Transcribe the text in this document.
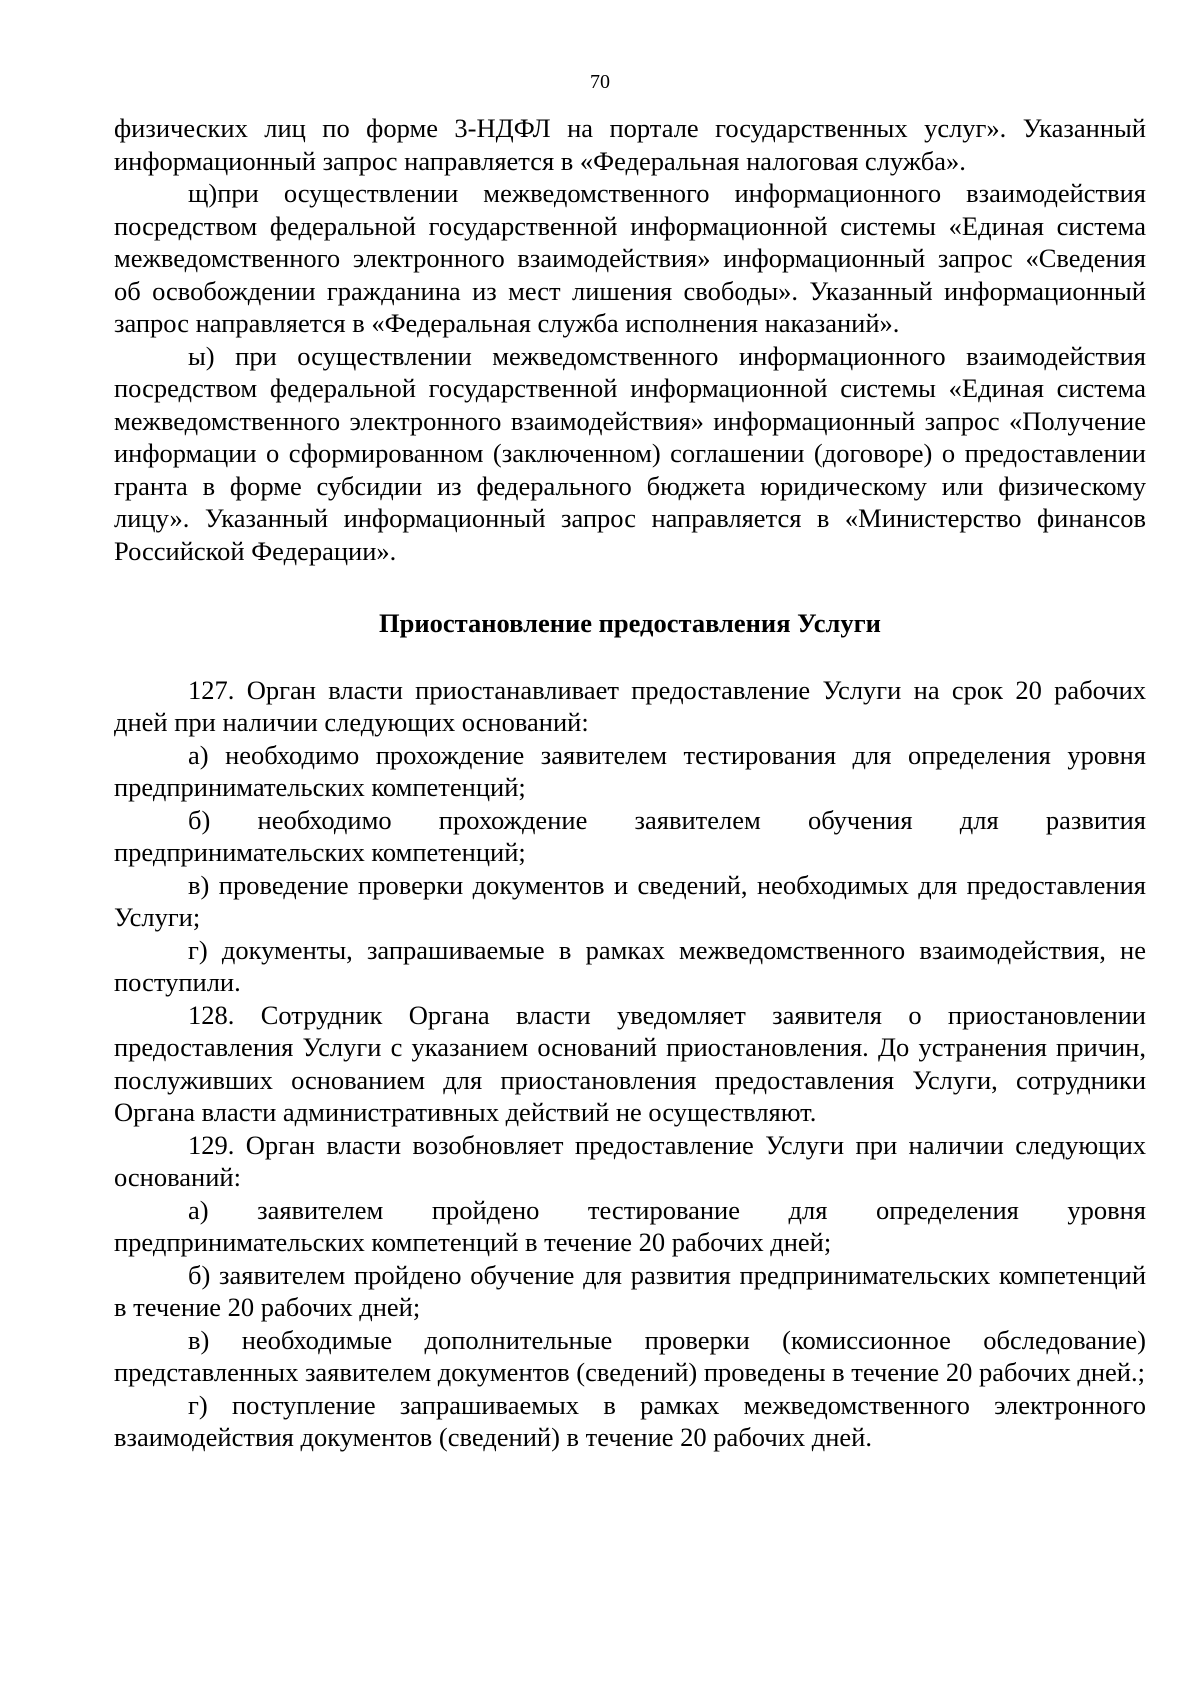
70

физических лиц по форме 3-НДФЛ на портале государственных услуг». Указанный информационный запрос направляется в «Федеральная налоговая служба».

щ)при осуществлении межведомственного информационного взаимодействия посредством федеральной государственной информационной системы «Единая система межведомственного электронного взаимодействия» информационный запрос «Сведения об освобождении гражданина из мест лишения свободы». Указанный информационный запрос направляется в «Федеральная служба исполнения наказаний».

ы) при осуществлении межведомственного информационного взаимодействия посредством федеральной государственной информационной системы «Единая система межведомственного электронного взаимодействия» информационный запрос «Получение информации о сформированном (заключенном) соглашении (договоре) о предоставлении гранта в форме субсидии из федерального бюджета юридическому или физическому лицу». Указанный информационный запрос направляется в «Министерство финансов Российской Федерации».

Приостановление предоставления Услуги

127. Орган власти приостанавливает предоставление Услуги на срок 20 рабочих дней при наличии следующих оснований:

а) необходимо прохождение заявителем тестирования для определения уровня предпринимательских компетенций;

б) необходимо прохождение заявителем обучения для развития предпринимательских компетенций;

в) проведение проверки документов и сведений, необходимых для предоставления Услуги;

г) документы, запрашиваемые в рамках межведомственного взаимодействия, не поступили.

128. Сотрудник Органа власти уведомляет заявителя о приостановлении предоставления Услуги с указанием оснований приостановления. До устранения причин, послуживших основанием для приостановления предоставления Услуги, сотрудники Органа власти административных действий не осуществляют.

129. Орган власти возобновляет предоставление Услуги при наличии следующих оснований:

а) заявителем пройдено тестирование для определения уровня предпринимательских компетенций в течение 20 рабочих дней;

б) заявителем пройдено обучение для развития предпринимательских компетенций в течение 20 рабочих дней;

в) необходимые дополнительные проверки (комиссионное обследование) представленных заявителем документов (сведений) проведены в течение 20 рабочих дней.;

г) поступление запрашиваемых в рамках межведомственного электронного взаимодействия документов (сведений) в течение 20 рабочих дней.
